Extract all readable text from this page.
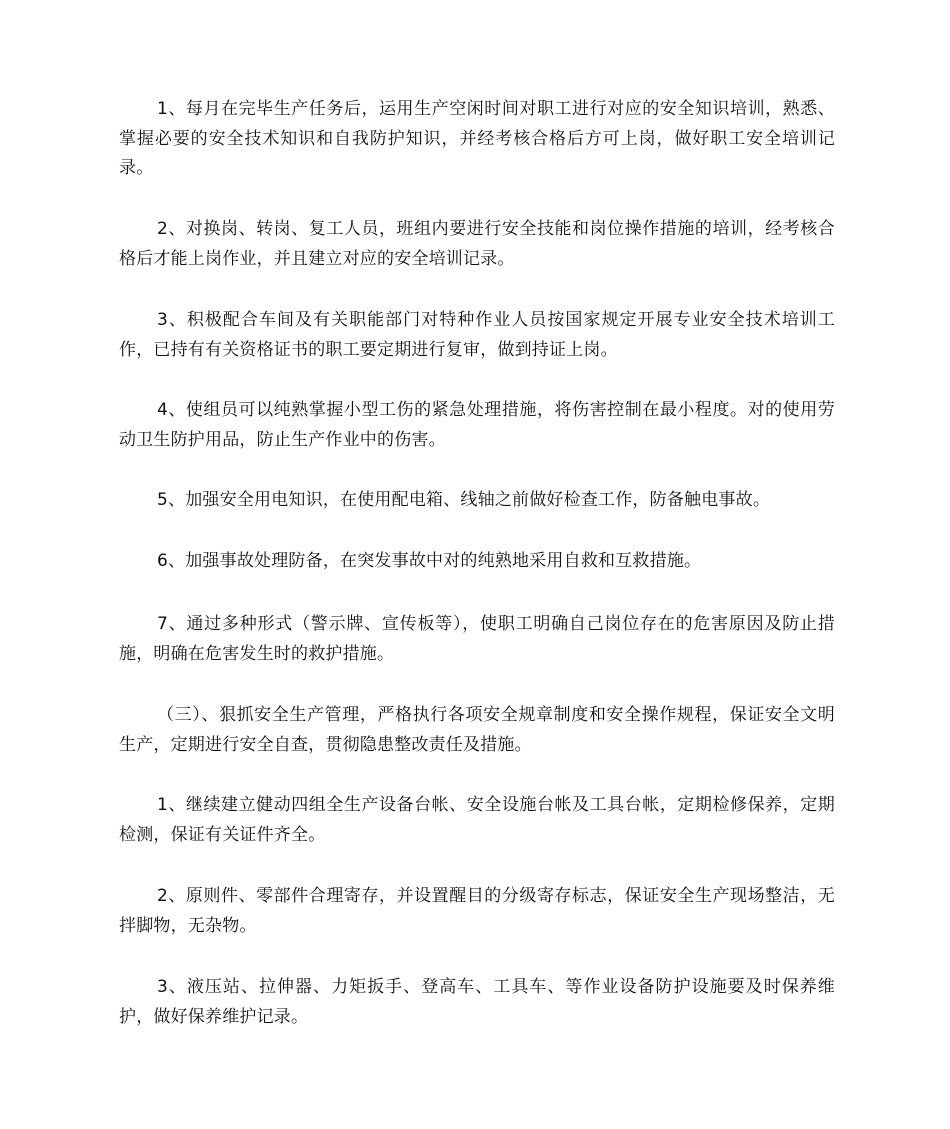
1、每月在完毕生产任务后，运用生产空闲时间对职工进行对应的安全知识培训，熟悉、掌握必要的安全技术知识和自我防护知识，并经考核合格后方可上岗，做好职工安全培训记录。

2、对换岗、转岗、复工人员，班组内要进行安全技能和岗位操作措施的培训，经考核合格后才能上岗作业，并且建立对应的安全培训记录。

3、积极配合车间及有关职能部门对特种作业人员按国家规定开展专业安全技术培训工作，已持有有关资格证书的职工要定期进行复审，做到持证上岗。

4、使组员可以纯熟掌握小型工伤的紧急处理措施，将伤害控制在最小程度。对的使用劳动卫生防护用品，防止生产作业中的伤害。

5、加强安全用电知识，在使用配电箱、线轴之前做好检查工作，防备触电事故。

6、加强事故处理防备，在突发事故中对的纯熟地采用自救和互救措施。

7、通过多种形式（警示牌、宣传板等），使职工明确自己岗位存在的危害原因及防止措施，明确在危害发生时的救护措施。

（三）、狠抓安全生产管理，严格执行各项安全规章制度和安全操作规程，保证安全文明生产，定期进行安全自查，贯彻隐患整改责任及措施。

1、继续建立健动四组全生产设备台帐、安全设施台帐及工具台帐，定期检修保养，定期检测，保证有关证件齐全。

2、原则件、零部件合理寄存，并设置醒目的分级寄存标志，保证安全生产现场整洁，无拌脚物，无杂物。

3、液压站、拉伸器、力矩扳手、登高车、工具车、等作业设备防护设施要及时保养维护，做好保养维护记录。
